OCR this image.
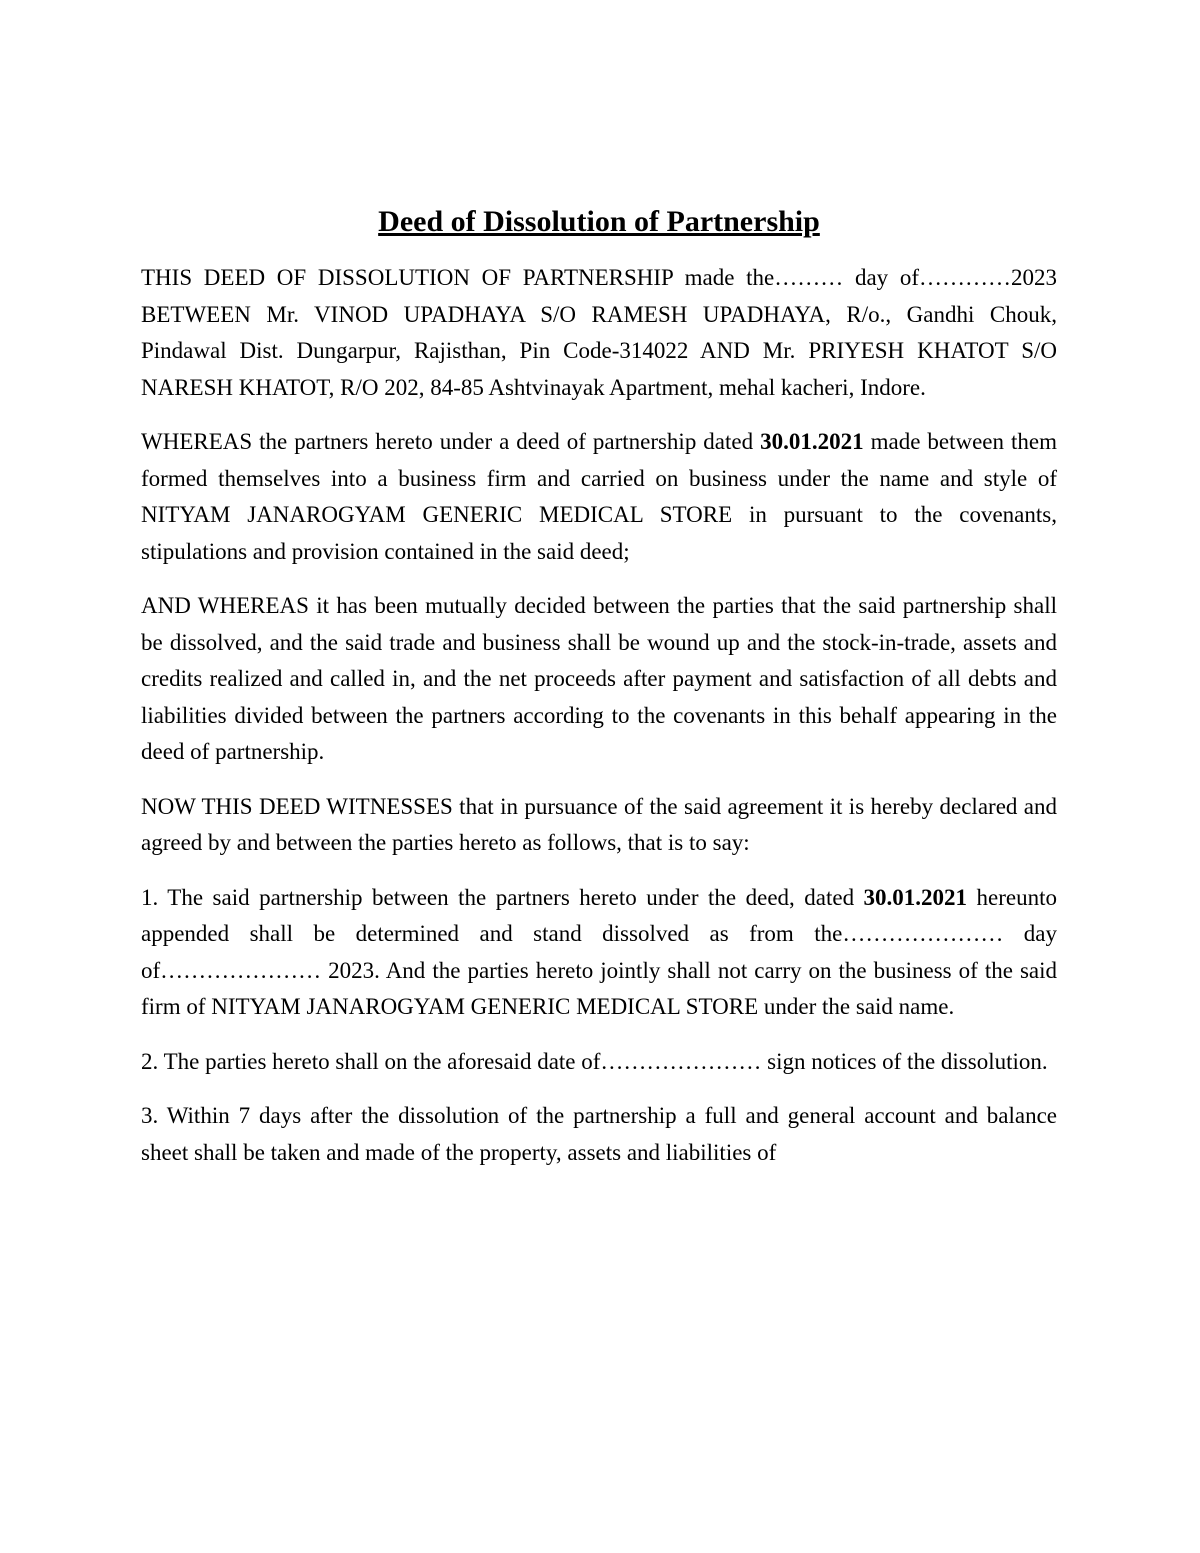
Deed of Dissolution of Partnership

THIS DEED OF DISSOLUTION OF PARTNERSHIP made the……… day of…………2023 BETWEEN Mr. VINOD UPADHAYA S/O RAMESH UPADHAYA, R/o., Gandhi Chouk, Pindawal Dist. Dungarpur, Rajisthan, Pin Code-314022 AND Mr. PRIYESH KHATOT S/O NARESH KHATOT, R/O 202, 84-85 Ashtvinayak Apartment, mehal kacheri, Indore.

WHEREAS the partners hereto under a deed of partnership dated 30.01.2021 made between them formed themselves into a business firm and carried on business under the name and style of NITYAM JANAROGYAM GENERIC MEDICAL STORE in pursuant to the covenants, stipulations and provision contained in the said deed;

AND WHEREAS it has been mutually decided between the parties that the said partnership shall be dissolved, and the said trade and business shall be wound up and the stock-in-trade, assets and credits realized and called in, and the net proceeds after payment and satisfaction of all debts and liabilities divided between the partners according to the covenants in this behalf appearing in the deed of partnership.

NOW THIS DEED WITNESSES that in pursuance of the said agreement it is hereby declared and agreed by and between the parties hereto as follows, that is to say:

1. The said partnership between the partners hereto under the deed, dated 30.01.2021 hereunto appended shall be determined and stand dissolved as from the………………… day of………………… 2023. And the parties hereto jointly shall not carry on the business of the said firm of NITYAM JANAROGYAM GENERIC MEDICAL STORE under the said name.

2. The parties hereto shall on the aforesaid date of………………… sign notices of the dissolution.

3. Within 7 days after the dissolution of the partnership a full and general account and balance sheet shall be taken and made of the property, assets and liabilities of
